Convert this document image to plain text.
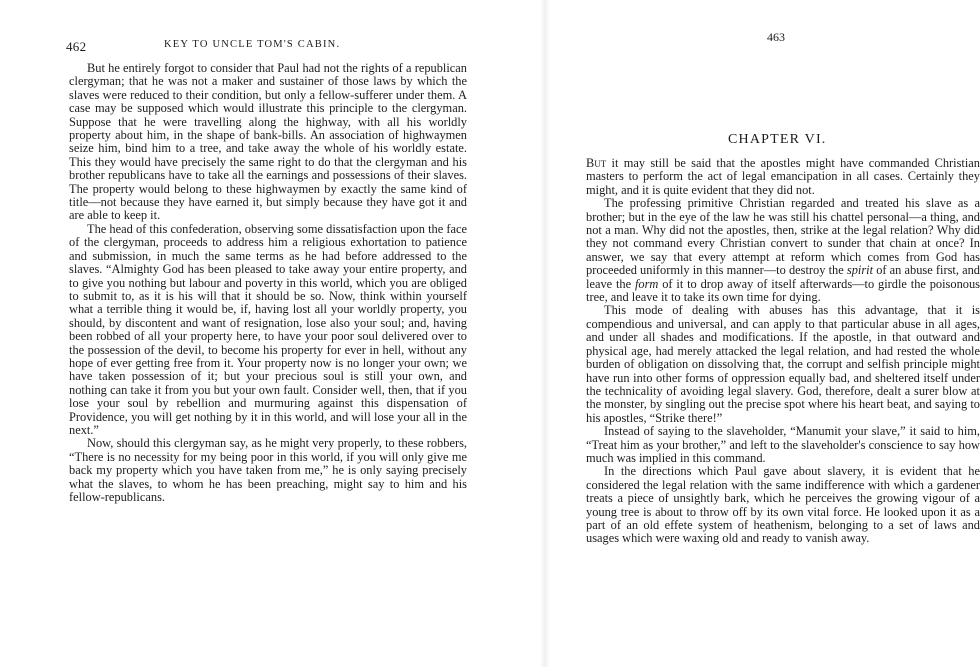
462	KEY TO UNCLE TOM'S CABIN.

But he entirely forgot to consider that Paul had not the rights of a republican clergyman; that he was not a maker and sustainer of those laws by which the slaves were reduced to their condition, but only a fellow-sufferer under them. A case may be supposed which would illustrate this principle to the clergyman. Suppose that he were travelling along the highway, with all his worldly property about him, in the shape of bank-bills. An association of highwaymen seize him, bind him to a tree, and take away the whole of his worldly estate. This they would have precisely the same right to do that the clergyman and his brother republicans have to take all the earnings and possessions of their slaves. The property would belong to these highwaymen by exactly the same kind of title—not because they have earned it, but simply because they have got it and are able to keep it.

The head of this confederation, observing some dissatisfaction upon the face of the clergyman, proceeds to address him a religious exhortation to patience and submission, in much the same terms as he had before addressed to the slaves. “Almighty God has been pleased to take away your entire property, and to give you nothing but labour and poverty in this world, which you are obliged to submit to, as it is his will that it should be so. Now, think within yourself what a terrible thing it would be, if, having lost all your worldly property, you should, by discontent and want of resignation, lose also your soul; and, having been robbed of all your property here, to have your poor soul delivered over to the possession of the devil, to become his property for ever in hell, without any hope of ever getting free from it. Your property now is no longer your own; we have taken possession of it; but your precious soul is still your own, and nothing can take it from you but your own fault. Consider well, then, that if you lose your soul by rebellion and murmuring against this dispensation of Providence, you will get nothing by it in this world, and will lose your all in the next.”

Now, should this clergyman say, as he might very properly, to these robbers, “There is no necessity for my being poor in this world, if you will only give me back my property which you have taken from me,” he is only saying precisely what the slaves, to whom he has been preaching, might say to him and his fellow-republicans.

463
CHAPTER VI.

But it may still be said that the apostles might have commanded Christian masters to perform the act of legal emancipation in all cases. Certainly they might, and it is quite evident that they did not.

The professing primitive Christian regarded and treated his slave as a brother; but in the eye of the law he was still his chattel personal—a thing, and not a man. Why did not the apostles, then, strike at the legal relation? Why did they not command every Christian convert to sunder that chain at once? In answer, we say that every attempt at reform which comes from God has proceeded uniformly in this manner—to destroy the spirit of an abuse first, and leave the form of it to drop away of itself afterwards—to girdle the poisonous tree, and leave it to take its own time for dying.

This mode of dealing with abuses has this advantage, that it is compendious and universal, and can apply to that particular abuse in all ages, and under all shades and modifications. If the apostle, in that outward and physical age, had merely attacked the legal relation, and had rested the whole burden of obligation on dissolving that, the corrupt and selfish principle might have run into other forms of oppression equally bad, and sheltered itself under the technicality of avoiding legal slavery. God, therefore, dealt a surer blow at the monster, by singling out the precise spot where his heart beat, and saying to his apostles, “Strike there!”

Instead of saying to the slaveholder, “Manumit your slave,” it said to him, “Treat him as your brother,” and left to the slaveholder's conscience to say how much was implied in this command.

In the directions which Paul gave about slavery, it is evident that he considered the legal relation with the same indifference with which a gardener treats a piece of unsightly bark, which he perceives the growing vigour of a young tree is about to throw off by its own vital force. He looked upon it as a part of an old effete system of heathenism, belonging to a set of laws and usages which were waxing old and ready to vanish away.
